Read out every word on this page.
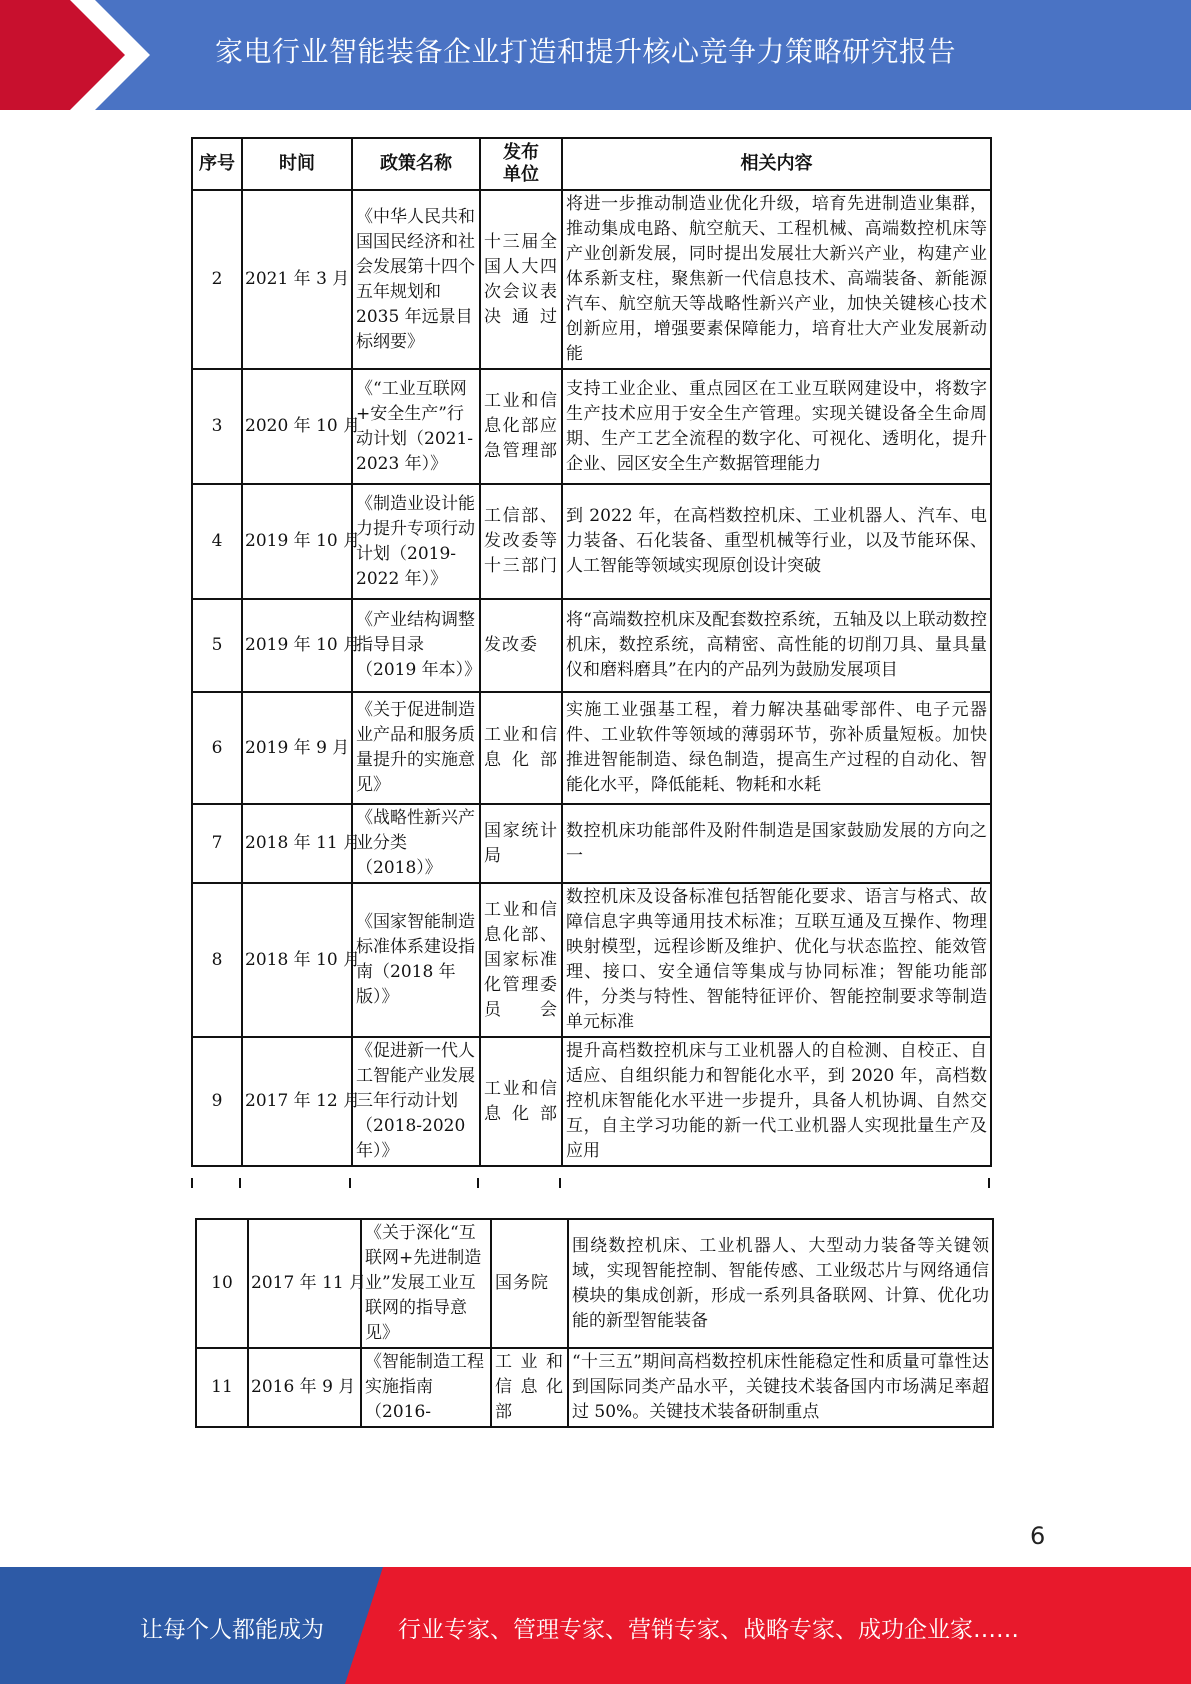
家电行业智能装备企业打造和提升核心竞争力策略研究报告
序号	时间	政策名称	发布单位	相关内容
2	2021 年 3 月	《中华人民共和国国民经济和社会发展第十四个五年规划和 2035 年远景目标纲要》	十三届全国人大四次会议表决通过	将进一步推动制造业优化升级，培育先进制造业集群，推动集成电路、航空航天、工程机械、高端数控机床等产业创新发展，同时提出发展壮大新兴产业，构建产业体系新支柱，聚焦新一代信息技术、高端装备、新能源汽车、航空航天等战略性新兴产业，加快关键核心技术创新应用，增强要素保障能力，培育壮大产业发展新动能
3	2020 年 10 月	《“工业互联网+安全生产”行动计划（2021-2023 年）》	工业和信息化部应急管理部	支持工业企业、重点园区在工业互联网建设中，将数字生产技术应用于安全生产管理。实现关键设备全生命周期、生产工艺全流程的数字化、可视化、透明化，提升企业、园区安全生产数据管理能力
4	2019 年 10 月	《制造业设计能力提升专项行动计划（2019- 2022 年）》	工信部、发改委等十三部门	到 2022 年，在高档数控机床、工业机器人、汽车、电力装备、石化装备、重型机械等行业，以及节能环保、人工智能等领域实现原创设计突破
5	2019 年 10 月	《产业结构调整指导目录（2019 年本）》	发改委	将“高端数控机床及配套数控系统，五轴及以上联动数控机床，数控系统，高精密、高性能的切削刀具、量具量仪和磨料磨具”在内的产品列为鼓励发展项目
6	2019 年 9 月	《关于促进制造业产品和服务质量提升的实施意见》	工业和信息化部	实施工业强基工程，着力解决基础零部件、电子元器件、工业软件等领域的薄弱环节，弥补质量短板。加快推进智能制造、绿色制造，提高生产过程的自动化、智能化水平，降低能耗、物耗和水耗
7	2018 年 11 月	《战略性新兴产业分类（2018）》	国家统计局	数控机床功能部件及附件制造是国家鼓励发展的方向之一
8	2018 年 10 月	《国家智能制造标准体系建设指南（2018 年版）》	工业和信息化部、国家标准化管理委员会	数控机床及设备标准包括智能化要求、语言与格式、故障信息字典等通用技术标准；互联互通及互操作、物理映射模型，远程诊断及维护、优化与状态监控、能效管理、接口、安全通信等集成与协同标准；智能功能部件，分类与特性、智能特征评价、智能控制要求等制造单元标准
9	2017 年 12 月	《促进新一代人工智能产业发展三年行动计划（2018-2020 年）》	工业和信息化部	提升高档数控机床与工业机器人的自检测、自校正、自适应、自组织能力和智能化水平，到 2020 年，高档数控机床智能化水平进一步提升，具备人机协调、自然交互，自主学习功能的新一代工业机器人实现批量生产及应用
10	2017 年 11 月	《关于深化“互联网+先进制造业”发展工业互联网的指导意见》	国务院	围绕数控机床、工业机器人、大型动力装备等关键领域，实现智能控制、智能传感、工业级芯片与网络通信模块的集成创新，形成一系列具备联网、计算、优化功能的新型智能装备
11	2016 年 9 月	《智能制造工程实施指南（2016-	工业和信息化部	“十三五”期间高档数控机床性能稳定性和质量可靠性达到国际同类产品水平，关键技术装备国内市场满足率超过 50%。关键技术装备研制重点
6
让每个人都能成为	行业专家、管理专家、营销专家、战略专家、成功企业家……
